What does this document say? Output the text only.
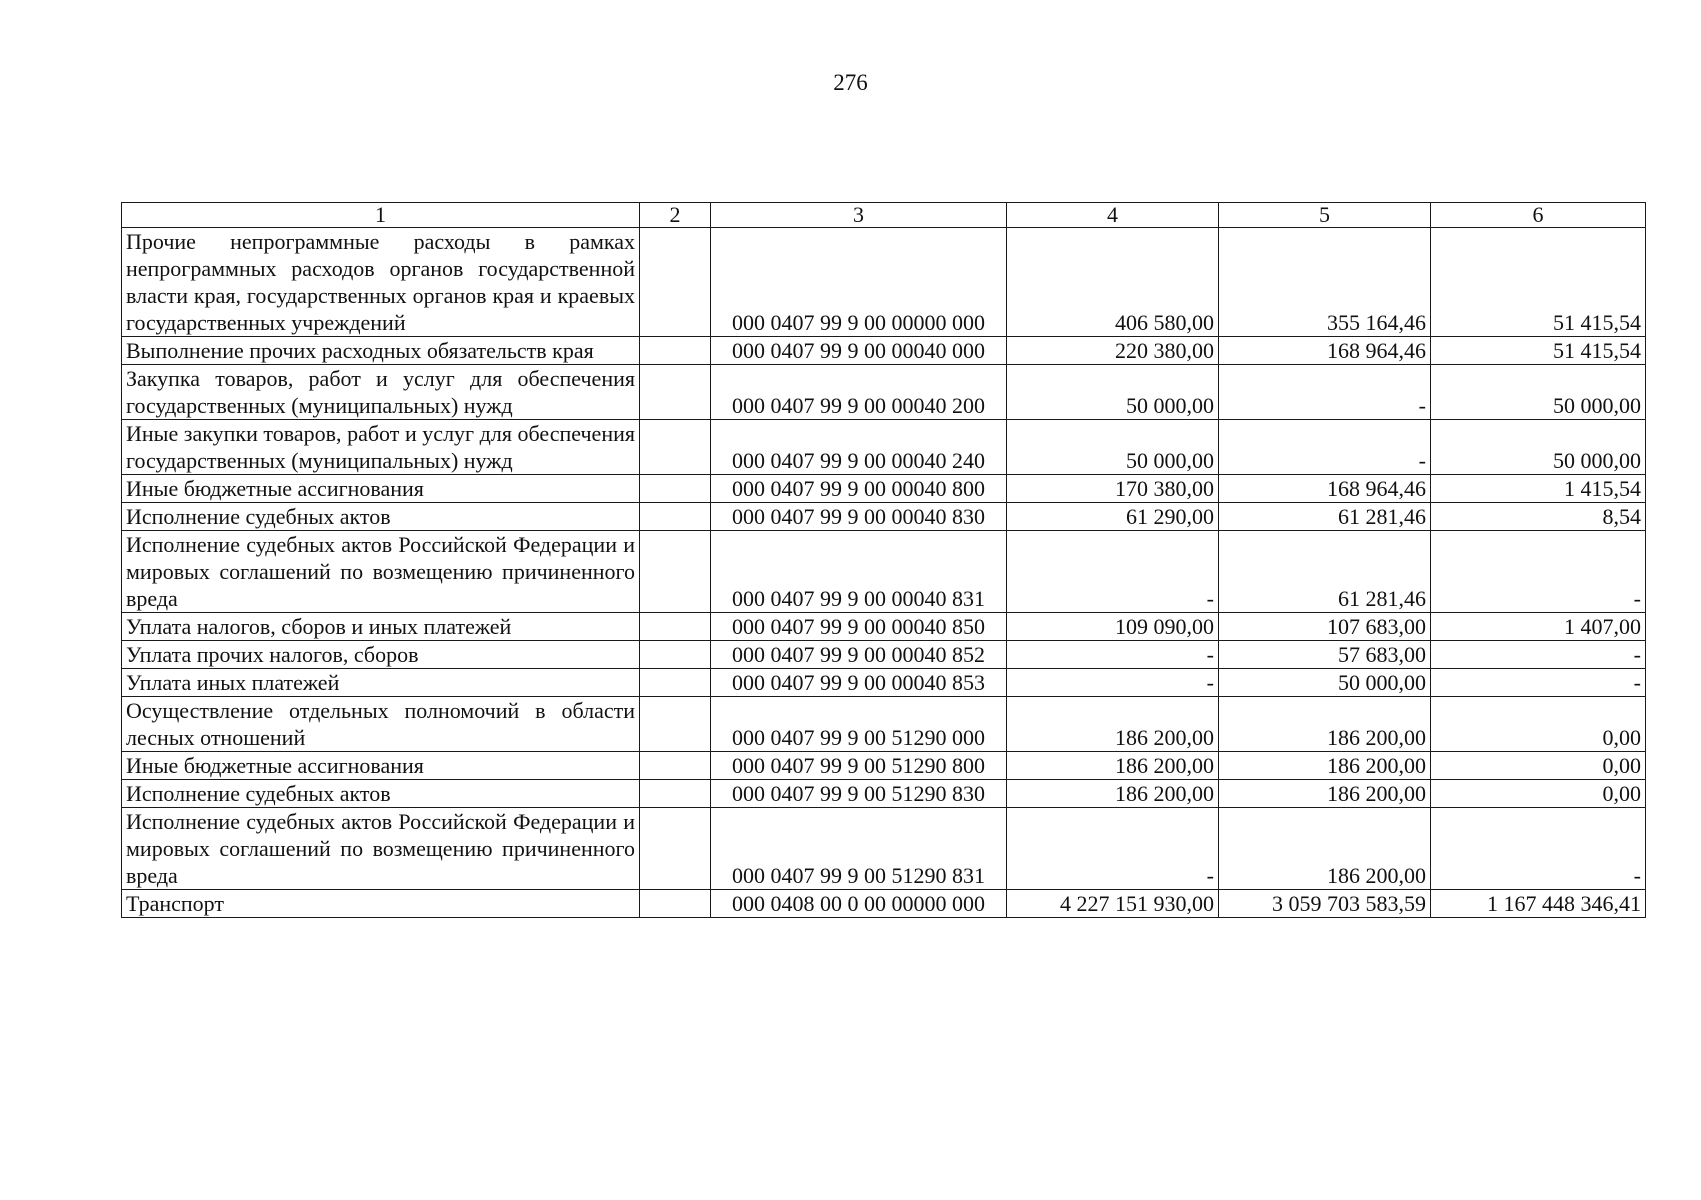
276
1	2	3	4	5	6
Прочие непрограммные расходы в рамках непрограммных расходов органов государственной власти края, государственных органов края и краевых государственных учреждений		000 0407 99 9 00 00000 000	406 580,00	355 164,46	51 415,54
Выполнение прочих расходных обязательств края		000 0407 99 9 00 00040 000	220 380,00	168 964,46	51 415,54
Закупка товаров, работ и услуг для обеспечения государственных (муниципальных) нужд		000 0407 99 9 00 00040 200	50 000,00	-	50 000,00
Иные закупки товаров, работ и услуг для обеспечения государственных (муниципальных) нужд		000 0407 99 9 00 00040 240	50 000,00	-	50 000,00
Иные бюджетные ассигнования		000 0407 99 9 00 00040 800	170 380,00	168 964,46	1 415,54
Исполнение судебных актов		000 0407 99 9 00 00040 830	61 290,00	61 281,46	8,54
Исполнение судебных актов Российской Федерации и мировых соглашений по возмещению причиненного вреда		000 0407 99 9 00 00040 831	-	61 281,46	-
Уплата налогов, сборов и иных платежей		000 0407 99 9 00 00040 850	109 090,00	107 683,00	1 407,00
Уплата прочих налогов, сборов		000 0407 99 9 00 00040 852	-	57 683,00	-
Уплата иных платежей		000 0407 99 9 00 00040 853	-	50 000,00	-
Осуществление отдельных полномочий в области лесных отношений		000 0407 99 9 00 51290 000	186 200,00	186 200,00	0,00
Иные бюджетные ассигнования		000 0407 99 9 00 51290 800	186 200,00	186 200,00	0,00
Исполнение судебных актов		000 0407 99 9 00 51290 830	186 200,00	186 200,00	0,00
Исполнение судебных актов Российской Федерации и мировых соглашений по возмещению причиненного вреда		000 0407 99 9 00 51290 831	-	186 200,00	-
Транспорт		000 0408 00 0 00 00000 000	4 227 151 930,00	3 059 703 583,59	1 167 448 346,41
